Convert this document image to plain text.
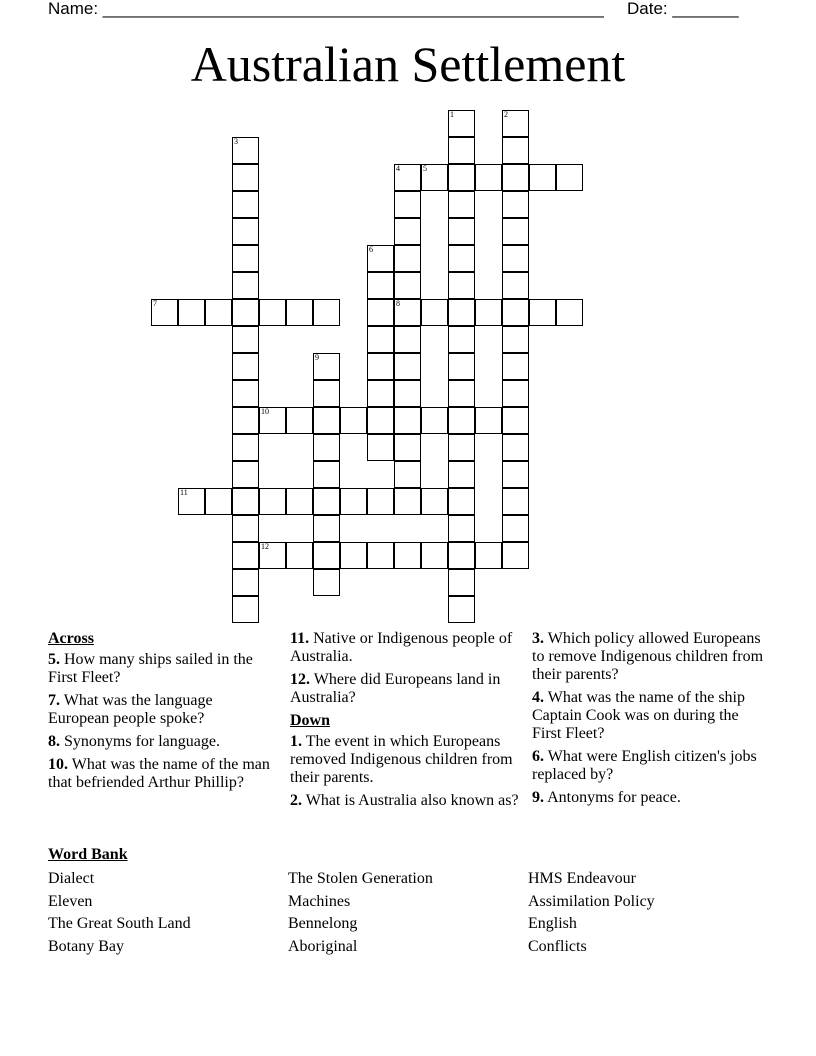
Name: _____________________________________________________ Date: _______
Australian Settlement
1	2
3
4
8
5
6
7
9
10
11
12
Across
5. How many ships sailed in the First Fleet?
7. What was the language European people spoke?
8. Synonyms for language.
10. What was the name of the man that befriended Arthur Phillip?
11. Native or Indigenous people of Australia.
12. Where did Europeans land in Australia?
Down
1. The event in which Europeans removed Indigenous children from their parents.
2. What is Australia also known as?
3. Which policy allowed Europeans to remove Indigenous children from their parents?
4. What was the name of the ship Captain Cook was on during the First Fleet?
6. What were English citizen's jobs replaced by?
9. Antonyms for peace.
Word Bank
Dialect
Eleven
The Great South Land
Botany Bay
The Stolen Generation
Machines
Bennelong
Aboriginal
HMS Endeavour
Assimilation Policy
English
Conflicts
